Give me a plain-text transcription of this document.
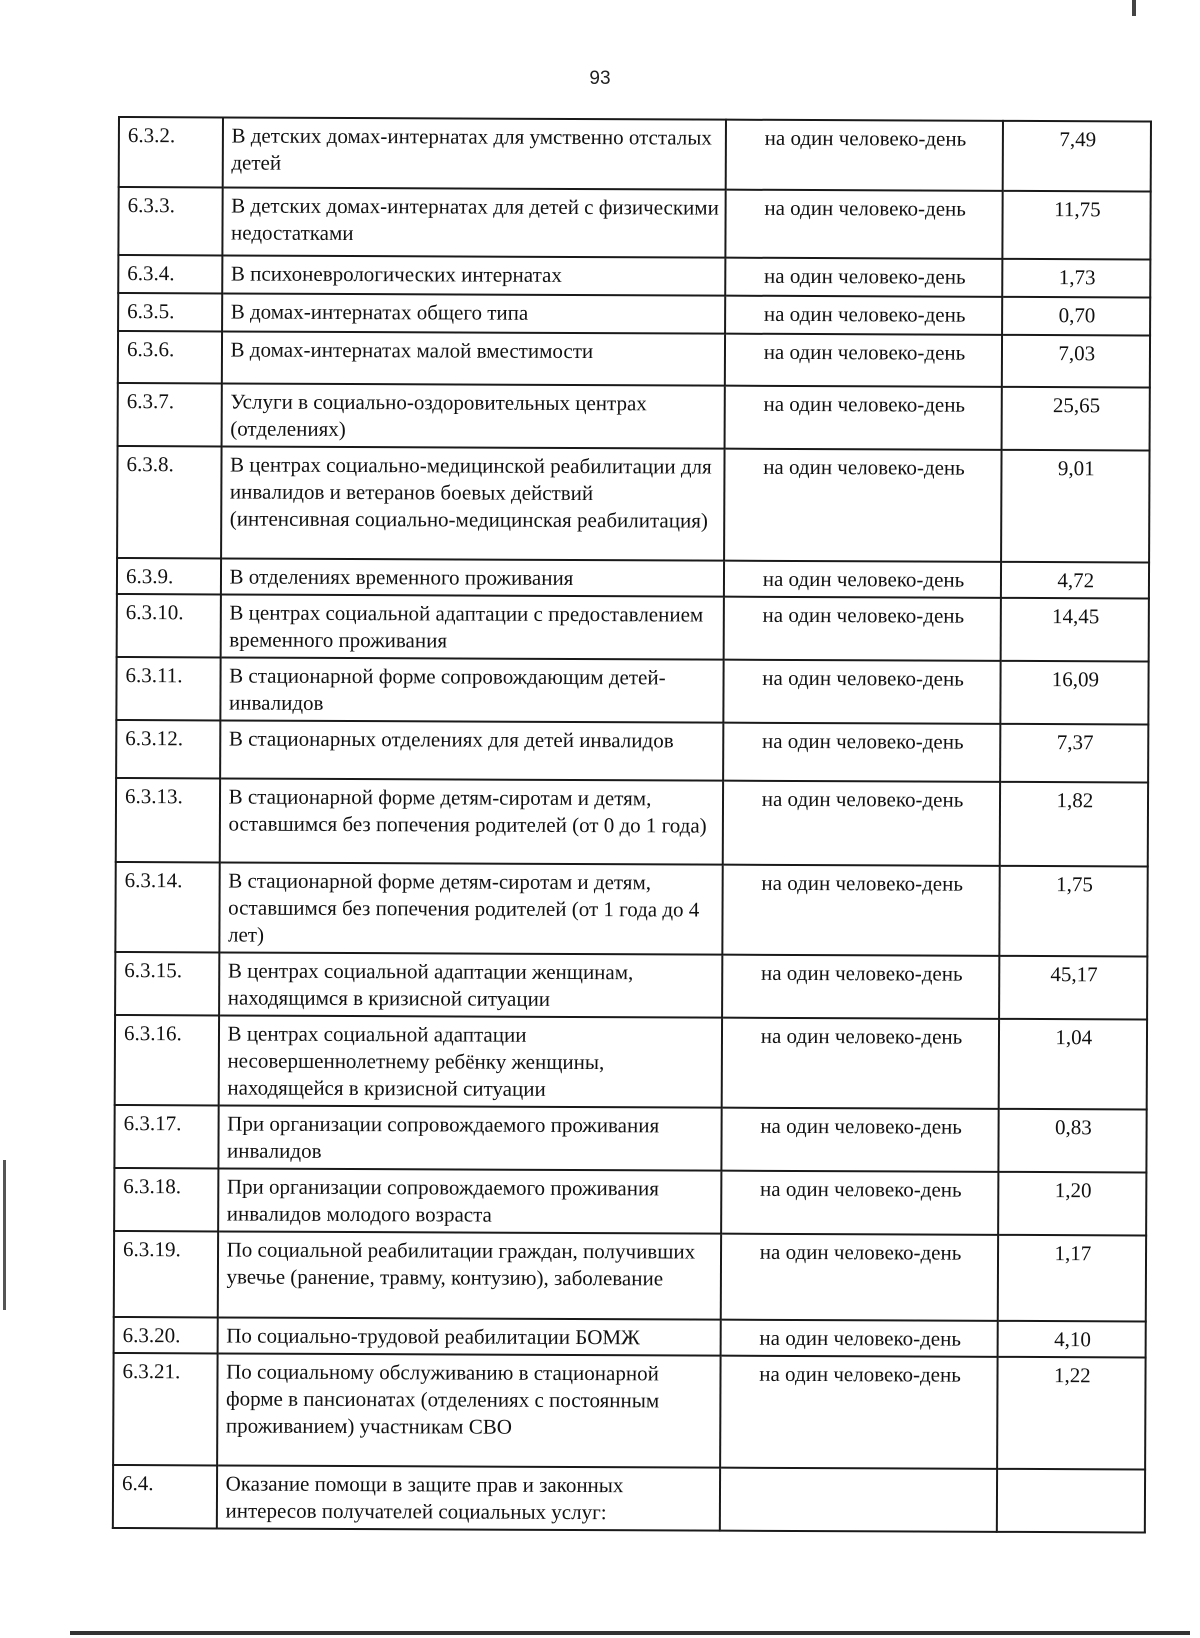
93
6.3.2.	В детских домах-интернатах для умственно отсталых детей	на один человеко-день	7,49
6.3.3.	В детских домах-интернатах для детей с физическими недостатками	на один человеко-день	11,75
6.3.4.	В психоневрологических интернатах	на один человеко-день	1,73
6.3.5.	В домах-интернатах общего типа	на один человеко-день	0,70
6.3.6.	В домах-интернатах малой вместимости	на один человеко-день	7,03
6.3.7.	Услуги в социально-оздоровительных центрах (отделениях)	на один человеко-день	25,65
6.3.8.	В центрах социально-медицинской реабилитации для инвалидов и ветеранов боевых действий (интенсивная социально-медицинская реабилитация)	на один человеко-день	9,01
6.3.9.	В отделениях временного проживания	на один человеко-день	4,72
6.3.10.	В центрах социальной адаптации с предоставлением временного проживания	на один человеко-день	14,45
6.3.11.	В стационарной форме сопровождающим детей-инвалидов	на один человеко-день	16,09
6.3.12.	В стационарных отделениях для детей инвалидов	на один человеко-день	7,37
6.3.13.	В стационарной форме детям-сиротам и детям, оставшимся без попечения родителей (от 0 до 1 года)	на один человеко-день	1,82
6.3.14.	В стационарной форме детям-сиротам и детям, оставшимся без попечения родителей (от 1 года до 4 лет)	на один человеко-день	1,75
6.3.15.	В центрах социальной адаптации женщинам, находящимся в кризисной ситуации	на один человеко-день	45,17
6.3.16.	В центрах социальной адаптации несовершеннолетнему ребёнку женщины, находящейся в кризисной ситуации	на один человеко-день	1,04
6.3.17.	При организации сопровождаемого проживания инвалидов	на один человеко-день	0,83
6.3.18.	При организации сопровождаемого проживания инвалидов молодого возраста	на один человеко-день	1,20
6.3.19.	По социальной реабилитации граждан, получивших увечье (ранение, травму, контузию), заболевание	на один человеко-день	1,17
6.3.20.	По социально-трудовой реабилитации БОМЖ	на один человеко-день	4,10
6.3.21.	По социальному обслуживанию в стационарной форме в пансионатах (отделениях с постоянным проживанием) участникам СВО	на один человеко-день	1,22
6.4.	Оказание помощи в защите прав и законных интересов получателей социальных услуг:		
